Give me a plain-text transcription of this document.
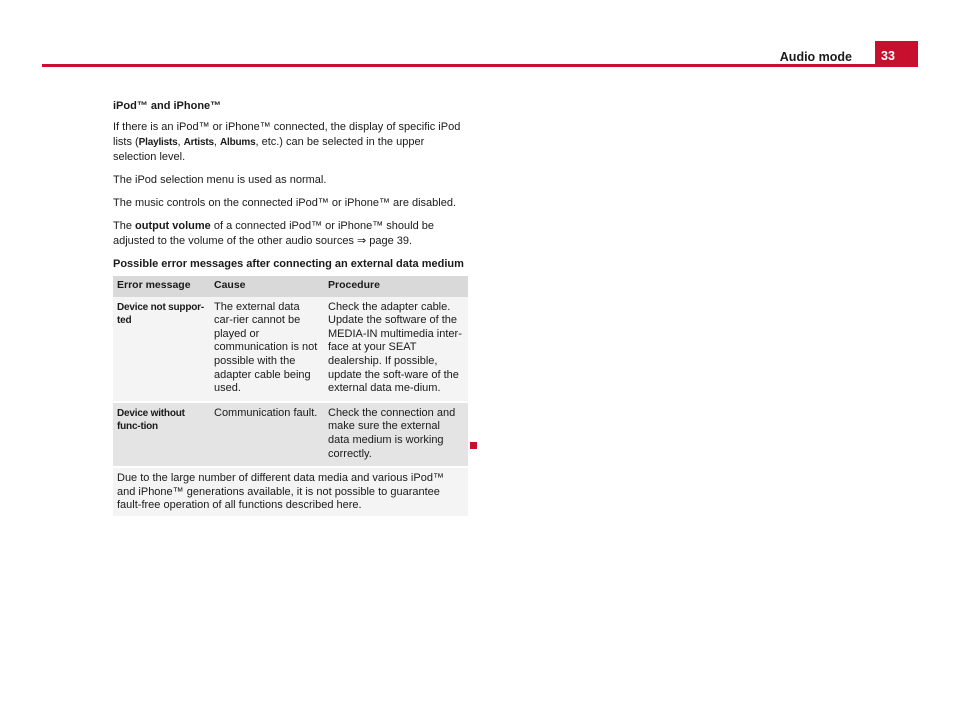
Audio mode	33
iPod™ and iPhone™

If there is an iPod™ or iPhone™ connected, the display of specific iPod lists (Playlists, Artists, Albums, etc.) can be selected in the upper selection level.

The iPod selection menu is used as normal.

The music controls on the connected iPod™ or iPhone™ are disabled.

The output volume of a connected iPod™ or iPhone™ should be adjusted to the volume of the other audio sources ⇒ page 39.

Possible error messages after connecting an external data medium
Error message	Cause	Procedure
Device not suppor-ted	The external data car-rier cannot be played or communication is not possible with the adapter cable being used.	Check the adapter cable. Update the software of the MEDIA-IN multimedia inter-face at your SEAT dealership. If possible, update the soft-ware of the external data me-dium.
Device without func-tion	Communication fault.	Check the connection and make sure the external data medium is working correctly.
Due to the large number of different data media and various iPod™ and iPhone™ generations available, it is not possible to guarantee fault-free operation of all functions described here.		
